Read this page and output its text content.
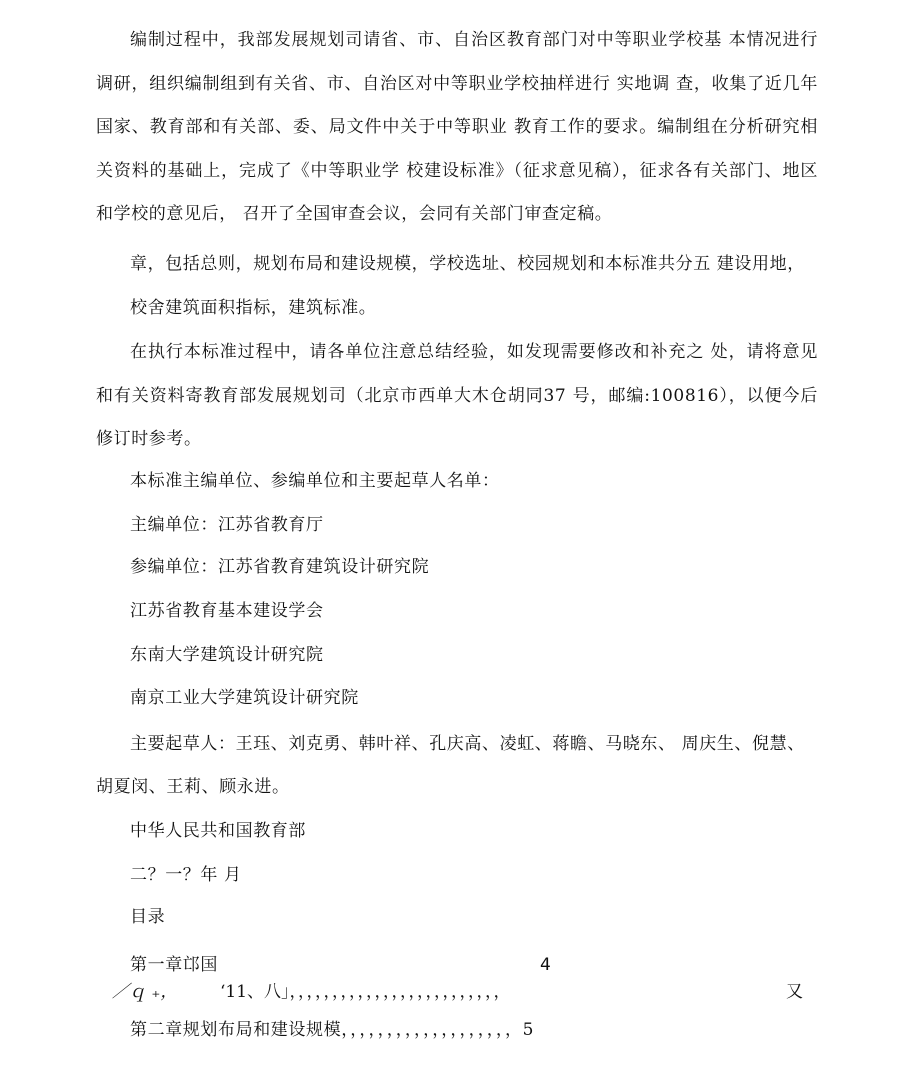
编制过程中，我部发展规划司请省、市、自治区教育部门对中等职业学校基 本情况进行调研，组织编制组到有关省、市、自治区对中等职业学校抽样进行 实地调 查，收集了近几年国家、教育部和有关部、委、局文件中关于中等职业 教育工作的要求。编制组在分析研究相关资料的基础上，完成了《中等职业学 校建设标准》（征求意见稿），征求各有关部门、地区和学校的意见后， 召开了全国审查会议，会同有关部门审查定稿。

章，包括总则，规划布局和建设规模，学校选址、校园规划和本标准共分五 建设用地，

校舍建筑面积指标，建筑标准。

在执行本标准过程中，请各单位注意总结经验，如发现需要修改和补充之 处，请将意见和有关资料寄教育部发展规划司（北京市西单大木仓胡同37 号，邮编:100816），以便今后修订时参考。

本标准主编单位、参编单位和主要起草人名单：

主编单位：江苏省教育厅

参编单位：江苏省教育建筑设计研究院

江苏省教育基本建设学会

东南大学建筑设计研究院

南京工业大学建筑设计研究院

主要起草人：王珏、刘克勇、韩叶祥、孔庆高、凌虹、蒋瞻、马晓东、 周庆生、倪慧、

胡夏闵、王莉、顾永进。

中华人民共和国教育部

二？一？年 月

目录

第一章邙国	4
／ｑ ₊，	‘11、八」，，，，，，，，，，，，，，，，，，，，，，，，，	又

第二章规划布局和建设规模，，，，，，，，，，，，，，，，，，，5
